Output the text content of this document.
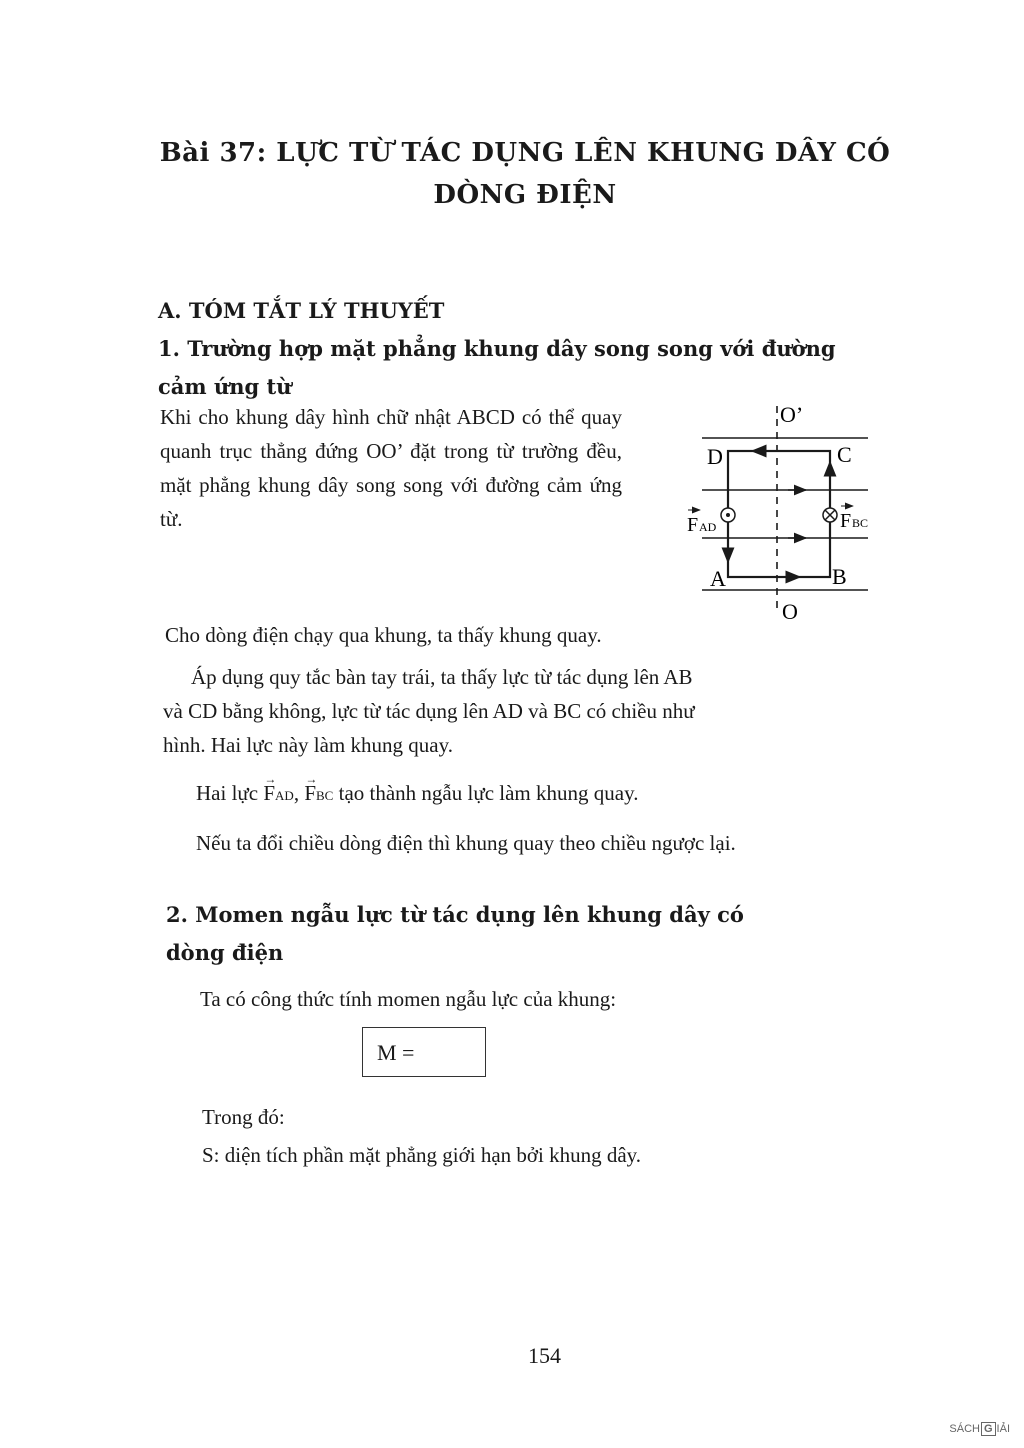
Bài 37: LỰC TỪ TÁC DỤNG LÊN KHUNG DÂY CÓ
DÒNG ĐIỆN
A. TÓM TẮT LÝ THUYẾT
1. Trường hợp mặt phẳng khung dây song song với đường
cảm ứng từ
Khi cho khung dây hình chữ nhật ABCD có thể quay quanh trục thẳng đứng OO’ đặt trong từ trường đều, mặt phẳng khung dây song song với đường cảm ứng từ.
O’
O
D	C
A	B
F AD	F BC
Cho dòng điện chạy qua khung, ta thấy khung quay.
Áp dụng quy tắc bàn tay trái, ta thấy lực từ tác dụng lên AB
và CD bằng không, lực từ tác dụng lên AD và BC có chiều như
hình. Hai lực này làm khung quay.
Hai lực → FAD, → FBC tạo thành ngẫu lực làm khung quay.
Nếu ta đổi chiều dòng điện thì khung quay theo chiều ngược lại.
2. Momen ngẫu lực từ tác dụng lên khung dây có
dòng điện
Ta có công thức tính momen ngẫu lực của khung:
M =
Trong đó:
S: diện tích phần mặt phẳng giới hạn bởi khung dây.
154
SÁCH G IẢI
